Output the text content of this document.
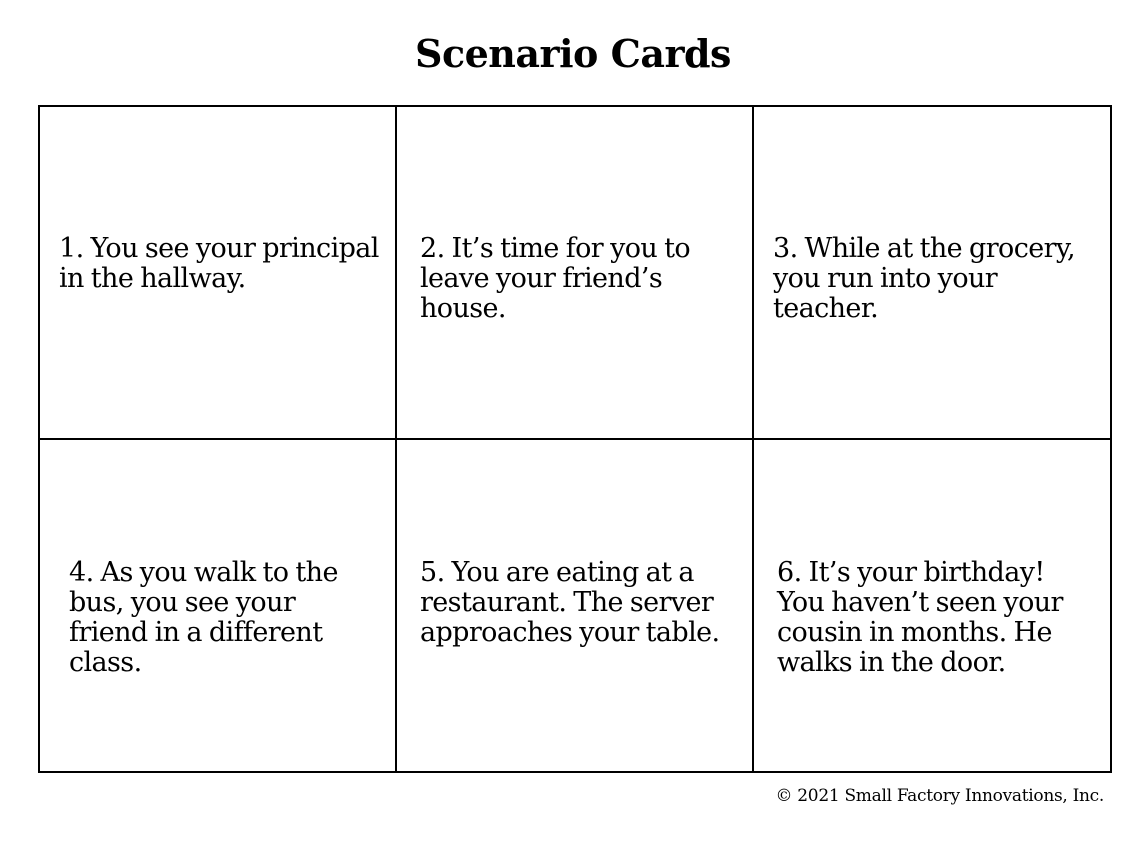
Scenario Cards
1. You see your principal
in the hallway.
2. It’s time for you to
leave your friend’s
house.
3. While at the grocery,
you run into your
teacher.
4. As you walk to the
bus, you see your
friend in a different
class.
5. You are eating at a
restaurant. The server
approaches your table.
6. It’s your birthday!
You haven’t seen your
cousin in months. He
walks in the door.
© 2021 Small Factory Innovations, Inc.
